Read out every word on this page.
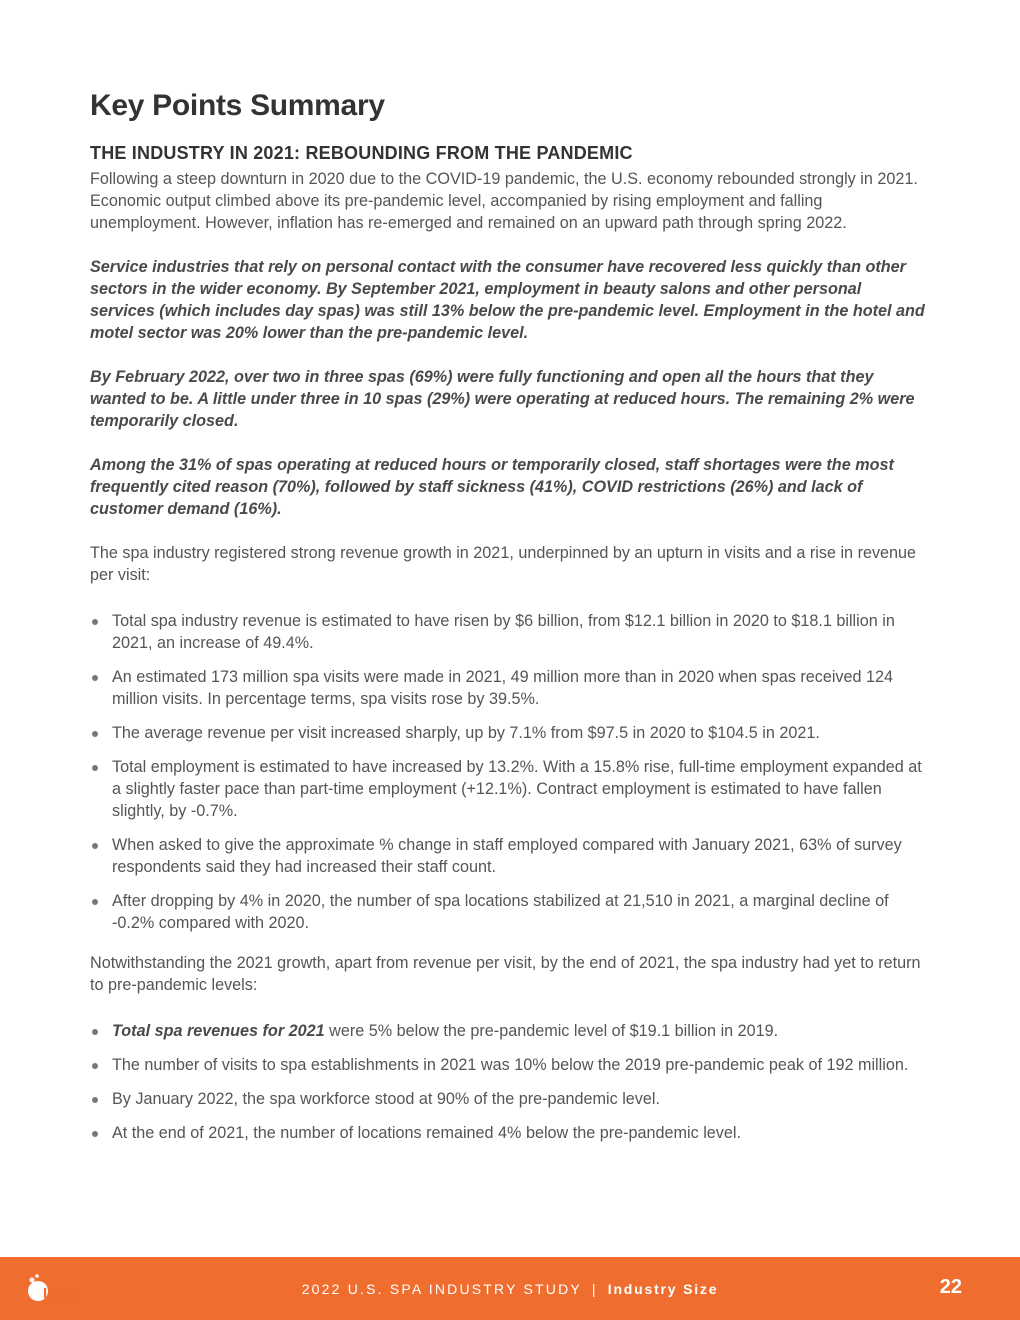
Key Points Summary
THE INDUSTRY IN 2021: REBOUNDING FROM THE PANDEMIC

Following a steep downturn in 2020 due to the COVID-19 pandemic, the U.S. economy rebounded strongly in 2021. Economic output climbed above its pre-pandemic level, accompanied by rising employment and falling unemployment. However, inflation has re-emerged and remained on an upward path through spring 2022.

Service industries that rely on personal contact with the consumer have recovered less quickly than other sectors in the wider economy. By September 2021, employment in beauty salons and other personal services (which includes day spas) was still 13% below the pre-pandemic level. Employment in the hotel and motel sector was 20% lower than the pre-pandemic level.

By February 2022, over two in three spas (69%) were fully functioning and open all the hours that they wanted to be. A little under three in 10 spas (29%) were operating at reduced hours. The remaining 2% were temporarily closed.

Among the 31% of spas operating at reduced hours or temporarily closed, staff shortages were the most frequently cited reason (70%), followed by staff sickness (41%), COVID restrictions (26%) and lack of customer demand (16%).

The spa industry registered strong revenue growth in 2021, underpinned by an upturn in visits and a rise in revenue per visit:

Total spa industry revenue is estimated to have risen by $6 billion, from $12.1 billion in 2020 to $18.1 billion in 2021, an increase of 49.4%.
An estimated 173 million spa visits were made in 2021, 49 million more than in 2020 when spas received 124 million visits. In percentage terms, spa visits rose by 39.5%.
The average revenue per visit increased sharply, up by 7.1% from $97.5 in 2020 to $104.5 in 2021.
Total employment is estimated to have increased by 13.2%. With a 15.8% rise, full-time employment expanded at a slightly faster pace than part-time employment (+12.1%). Contract employment is estimated to have fallen slightly, by -0.7%.
When asked to give the approximate % change in staff employed compared with January 2021, 63% of survey respondents said they had increased their staff count.
After dropping by 4% in 2020, the number of spa locations stabilized at 21,510 in 2021, a marginal decline of -0.2% compared with 2020.

Notwithstanding the 2021 growth, apart from revenue per visit, by the end of 2021, the spa industry had yet to return to pre-pandemic levels:

Total spa revenues for 2021 were 5% below the pre-pandemic level of $19.1 billion in 2019.
The number of visits to spa establishments in 2021 was 10% below the 2019 pre-pandemic peak of 192 million.
By January 2022, the spa workforce stood at 90% of the pre-pandemic level.
At the end of 2021, the number of locations remained 4% below the pre-pandemic level.
ISPA	2022 U.S. SPA INDUSTRY STUDY | Industry Size	22
